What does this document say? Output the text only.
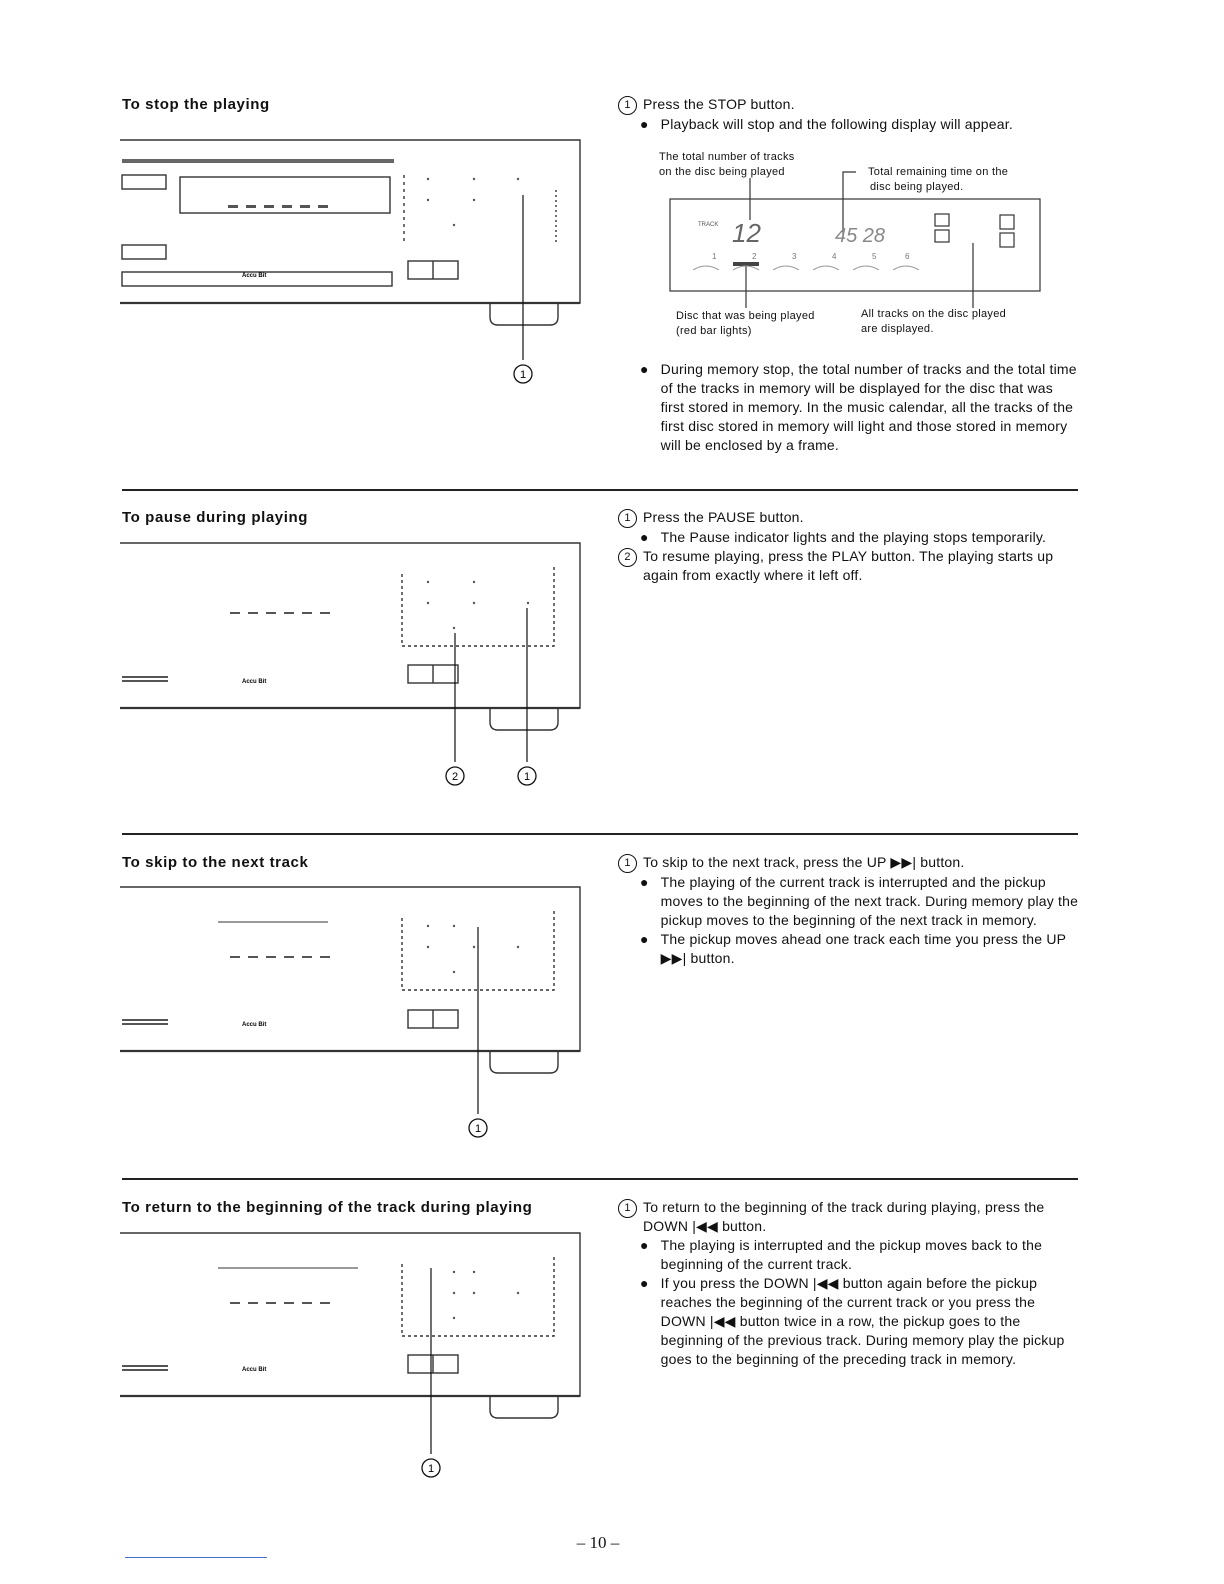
To stop the playing
Accu Bit
1
1 Press the STOP button.
● Playback will stop and the following display will appear.
The total number of tracks
on the disc being played	Total remaining time on the
disc being played.
TRACK 12	45 28
1	2	3	4	5	6
Disc that was being played
(red bar lights)
All tracks on the disc played
are displayed.
● During memory stop, the total number of tracks and the total time of the tracks in memory will be displayed for the disc that was first stored in memory. In the music calendar, all the tracks of the first disc stored in memory will light and those stored in memory will be enclosed by a frame.
To pause during playing
Accu Bit
2	1
1 Press the PAUSE button.
● The Pause indicator lights and the playing stops temporarily.
2 To resume playing, press the PLAY button. The playing starts up again from exactly where it left off.
To skip to the next track
Accu Bit
1
1 To skip to the next track, press the UP ▶▶| button.
● The playing of the current track is interrupted and the pickup moves to the beginning of the next track. During memory play the pickup moves to the beginning of the next track in memory.
● The pickup moves ahead one track each time you press the UP ▶▶| button.
To return to the beginning of the track during playing
Accu Bit
1
1 To return to the beginning of the track during playing, press the DOWN |◀◀ button.
● The playing is interrupted and the pickup moves back to the beginning of the current track.
● If you press the DOWN |◀◀ button again before the pickup reaches the beginning of the current track or you press the DOWN |◀◀ button twice in a row, the pickup goes to the beginning of the previous track. During memory play the pickup goes to the beginning of the preceding track in memory.
– 10 –
